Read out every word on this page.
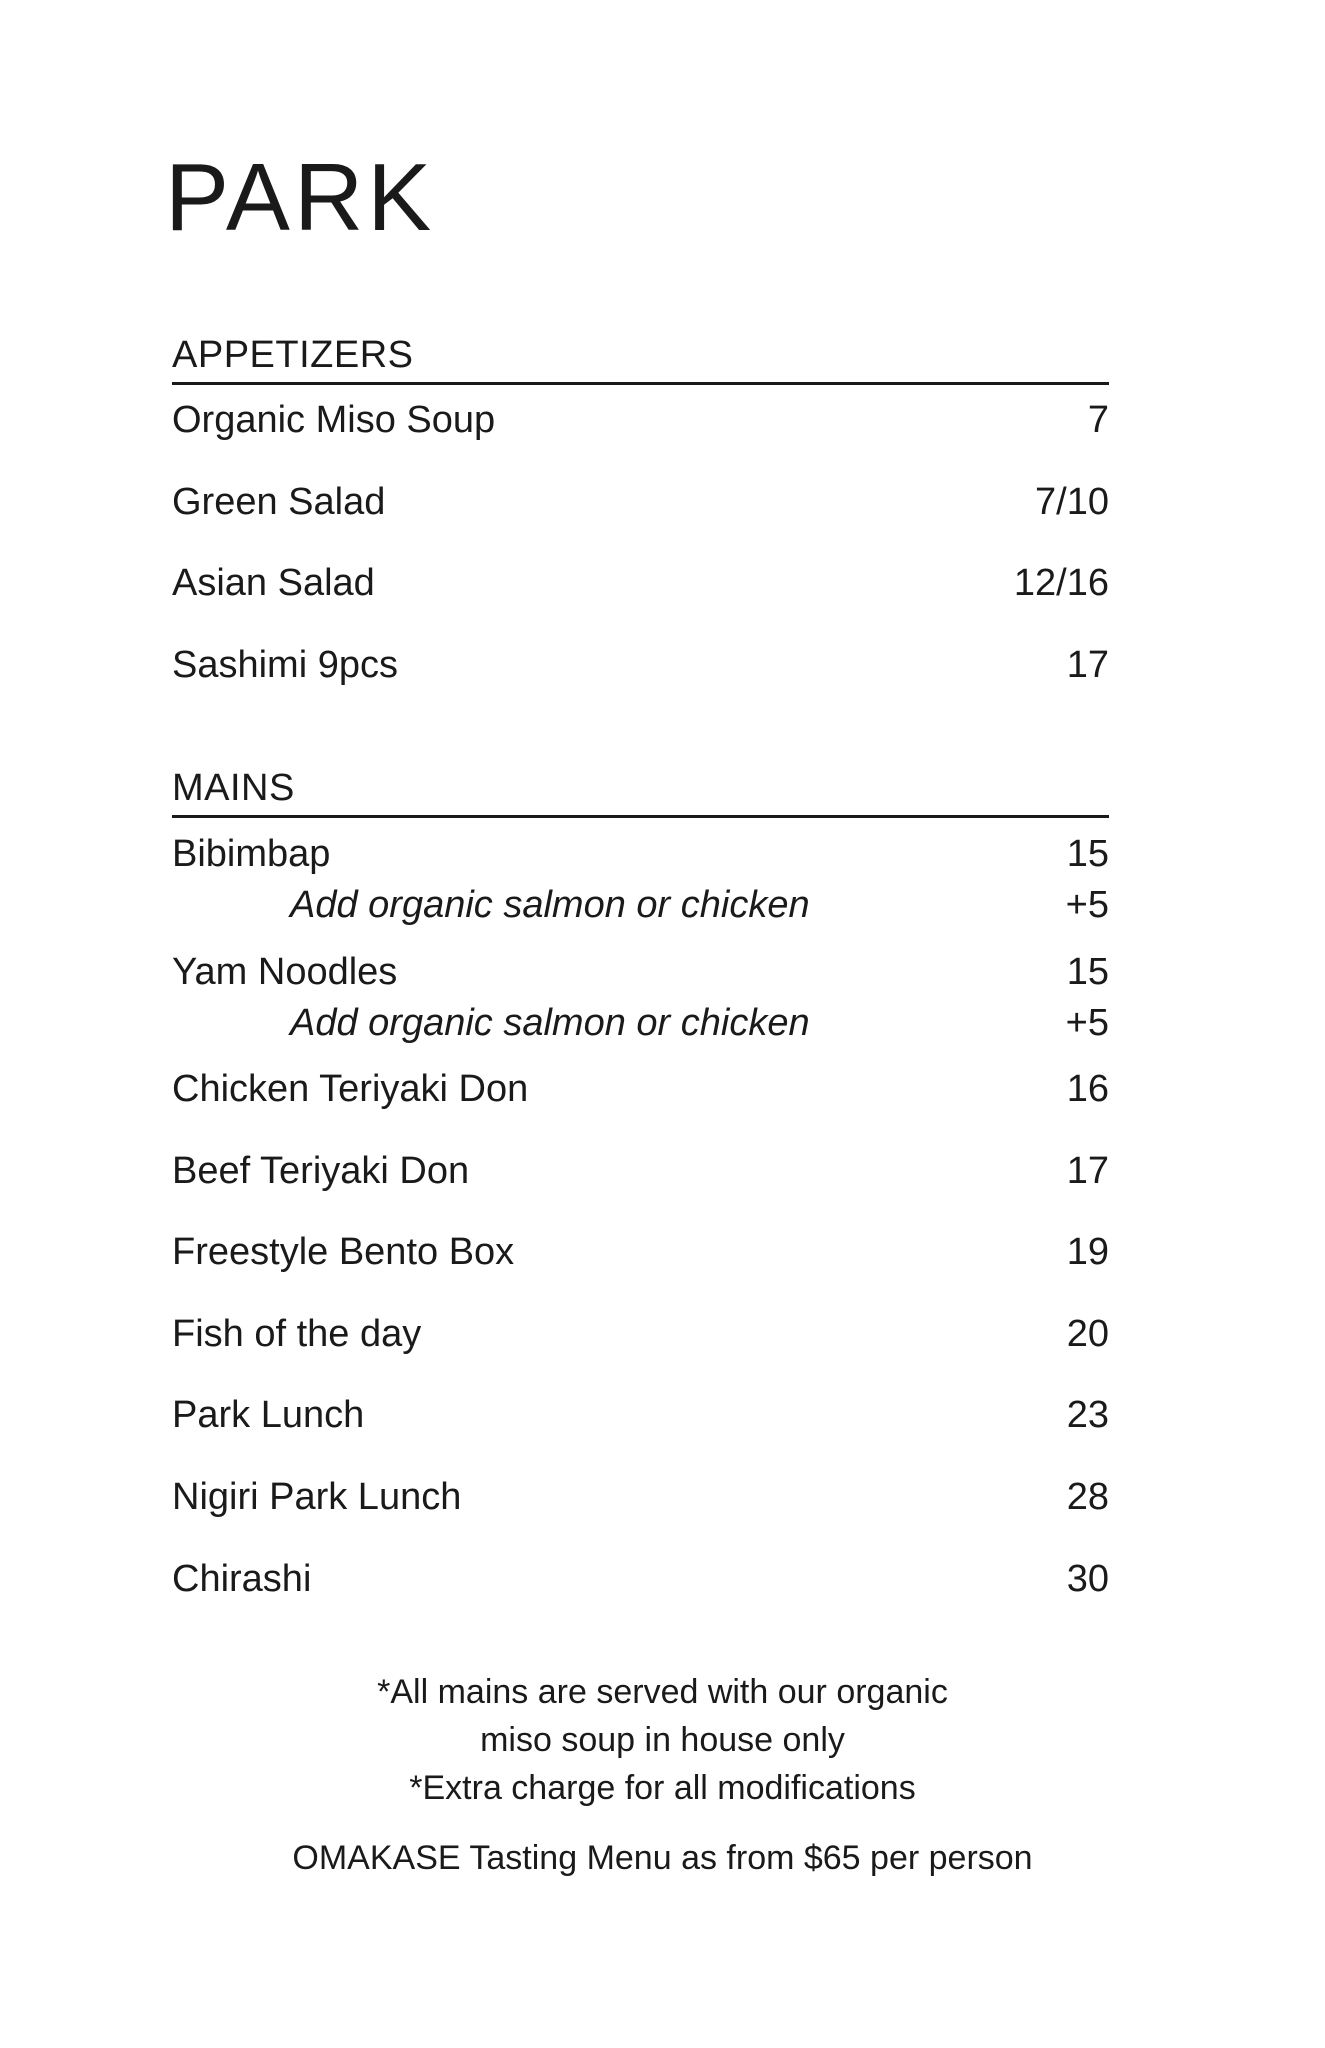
PARK
APPETIZERS
Organic Miso Soup	7
Green Salad	7/10
Asian Salad	12/16
Sashimi 9pcs	17
MAINS
Bibimbap	15
Add organic salmon or chicken	+5
Yam Noodles	15
Add organic salmon or chicken	+5
Chicken Teriyaki Don	16
Beef Teriyaki Don	17
Freestyle Bento Box	19
Fish of the day	20
Park Lunch	23
Nigiri Park Lunch	28
Chirashi	30
*All mains are served with our organic
miso soup in house only
*Extra charge for all modifications
OMAKASE Tasting Menu as from $65 per person
